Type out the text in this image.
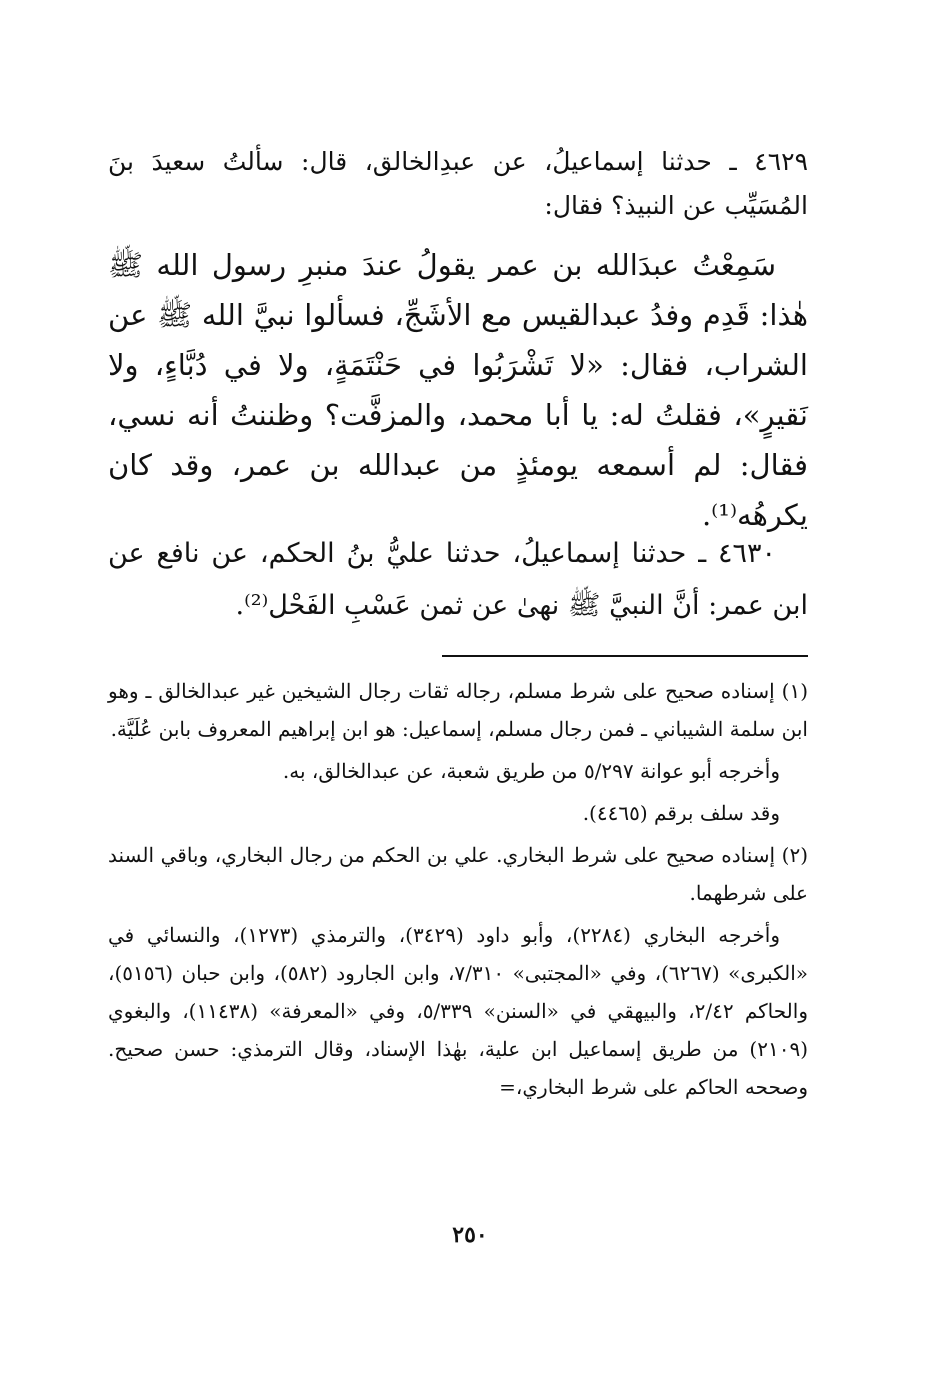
٤٦٢٩ ـ حدثنا إسماعيلُ، عن عبدِالخالق، قال: سألتُ سعيدَ بنَ المُسَيِّب عن النبيذ؟ فقال:

سَمِعْتُ عبدَالله بن عمر يقولُ عندَ منبرِ رسول الله ﷺ هٰذا: قَدِم وفدُ عبدالقيس مع الأشَجِّ، فسألوا نبيَّ الله ﷺ عن الشراب، فقال: «لا تَشْرَبُوا في حَنْتَمَةٍ، ولا في دُبَّاءٍ، ولا نَقيرٍ»، فقلتُ له: يا أبا محمد، والمزفَّت؟ وظننتُ أنه نسي، فقال: لم أسمعه يومئذٍ من عبدالله بن عمر، وقد كان يكرهُه⁽¹⁾.

٤٦٣٠ ـ حدثنا إسماعيلُ، حدثنا عليُّ بنُ الحكم، عن نافع عن ابن عمر: أنَّ النبيَّ ﷺ نهىٰ عن ثمن عَسْبِ الفَحْل⁽²⁾.

(١) إسناده صحيح على شرط مسلم، رجاله ثقات رجال الشيخين غير عبدالخالق ـ وهو ابن سلمة الشيباني ـ فمن رجال مسلم، إسماعيل: هو ابن إبراهيم المعروف بابن عُلَيَّة.

وأخرجه أبو عوانة ٥/٢٩٧ من طريق شعبة، عن عبدالخالق، به.

وقد سلف برقم (٤٤٦٥).

(٢) إسناده صحيح على شرط البخاري. علي بن الحكم من رجال البخاري، وباقي السند على شرطهما.

وأخرجه البخاري (٢٢٨٤)، وأبو داود (٣٤٢٩)، والترمذي (١٢٧٣)، والنسائي في «الكبرى» (٦٢٦٧)، وفي «المجتبى» ٧/٣١٠، وابن الجارود (٥٨٢)، وابن حبان (٥١٥٦)، والحاكم ٢/٤٢، والبيهقي في «السنن» ٥/٣٣٩، وفي «المعرفة» (١١٤٣٨)، والبغوي (٢١٠٩) من طريق إسماعيل ابن علية، بهٰذا الإسناد، وقال الترمذي: حسن صحيح. وصححه الحاكم على شرط البخاري،=

٢٥٠
